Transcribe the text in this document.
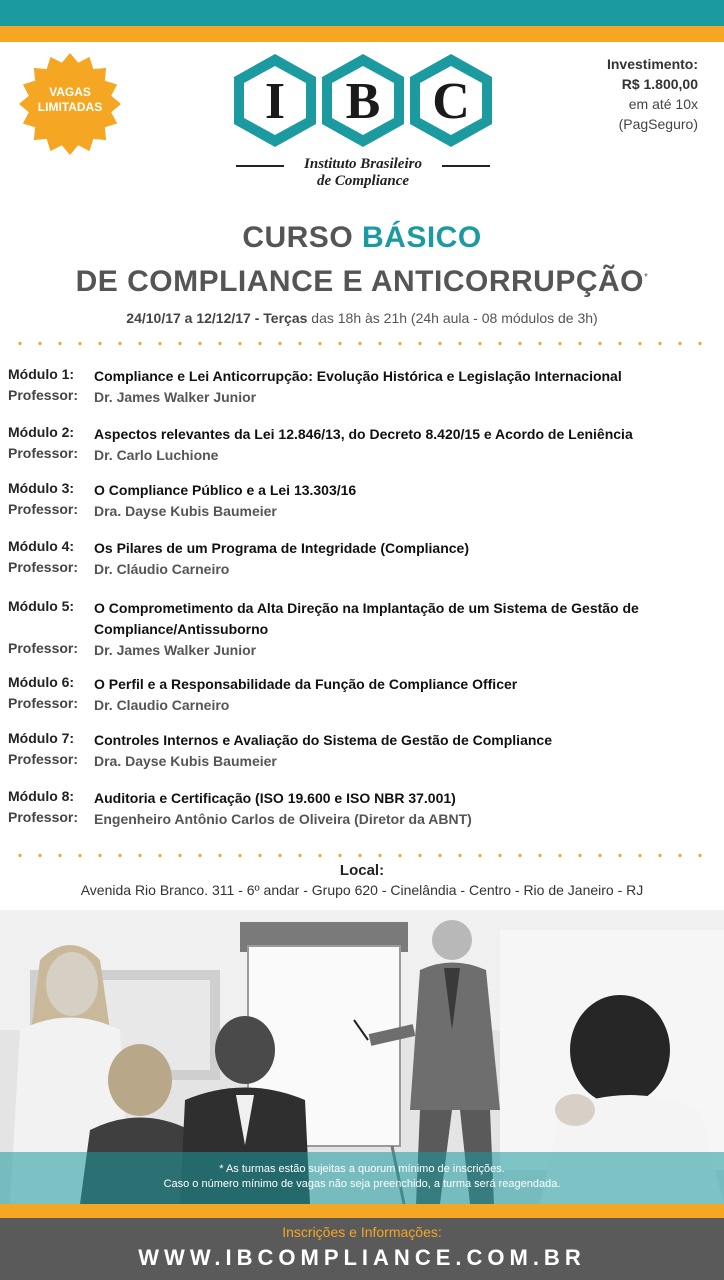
VAGAS
LIMITADAS	I B C
Instituto Brasileiro
de Compliance
Investimento:
R$ 1.800,00
em até 10x
(PagSeguro)
CURSO BÁSICO
DE COMPLIANCE E ANTICORRUPÇÃO*
24/10/17 a 12/12/17 - Terças das 18h às 21h (24h aula - 08 módulos de 3h)
Módulo 1:	Compliance e Lei Anticorrupção: Evolução Histórica e Legislação Internacional
Professor:	Dr. James Walker Junior
Módulo 2:	Aspectos relevantes da Lei 12.846/13, do Decreto 8.420/15 e Acordo de Leniência
Professor:	Dr. Carlo Luchione
Módulo 3:	O Compliance Público e a Lei 13.303/16
Professor:	Dra. Dayse Kubis Baumeier
Módulo 4:	Os Pilares de um Programa de Integridade (Compliance)
Professor:	Dr. Cláudio Carneiro
Módulo 5:	O Comprometimento da Alta Direção na Implantação de um Sistema de Gestão de Compliance/Antissuborno
Professor:	Dr. James Walker Junior
Módulo 6:	O Perfil e a Responsabilidade da Função de Compliance Officer
Professor:	Dr. Claudio Carneiro
Módulo 7:	Controles Internos e Avaliação do Sistema de Gestão de Compliance
Professor:	Dra. Dayse Kubis Baumeier
Módulo 8:	Auditoria e Certificação (ISO 19.600 e ISO NBR 37.001)
Professor:	Engenheiro Antônio Carlos de Oliveira (Diretor da ABNT)
Local:
Avenida Rio Branco. 311 - 6º andar - Grupo 620 - Cinelândia - Centro - Rio de Janeiro - RJ
* As turmas estão sujeitas a quorum mínimo de inscrições.
Caso o número mínimo de vagas não seja preenchido, a turma será reagendada.
Inscrições e Informações:
WWW.IBCOMPLIANCE.COM.BR
